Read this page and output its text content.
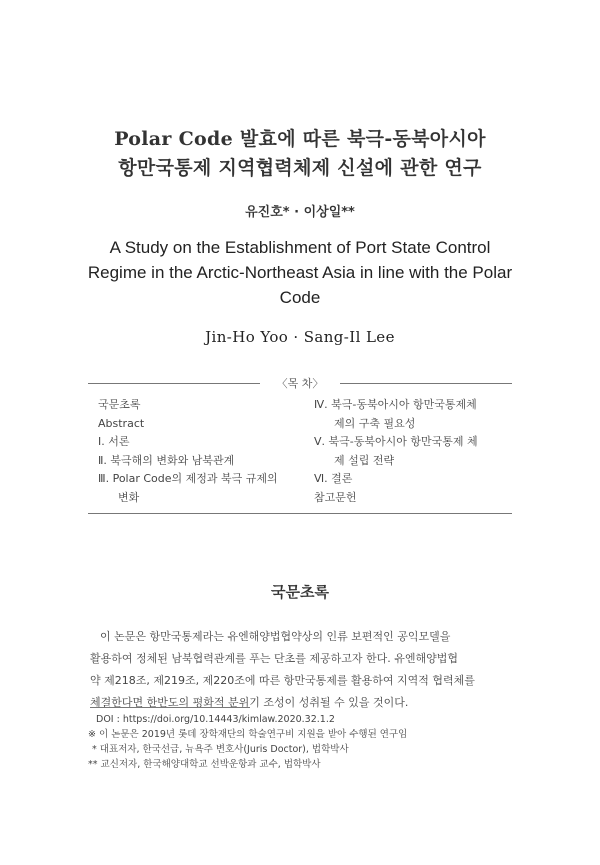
Polar Code 발효에 따른 북극-동북아시아
항만국통제 지역협력체제 신설에 관한 연구
유진호* · 이상일**
A Study on the Establishment of Port State Control
Regime in the Arctic-Northeast Asia in line with the Polar
Code
Jin-Ho Yoo · Sang-Il Lee
〈목 차〉
국문초록
Abstract
Ⅰ. 서론
Ⅱ. 북극해의 변화와 남북관계
Ⅲ. Polar Code의 제정과 북극 규제의
변화
Ⅳ. 북극-동북아시아 항만국통제체
제의 구축 필요성
Ⅴ. 북극-동북아시아 항만국통제 체
제 설립 전략
Ⅵ. 결론
참고문헌
국문초록
이 논문은 항만국통제라는 유엔해양법협약상의 인류 보편적인 공익모델을
활용하여 정체된 남북협력관계를 푸는 단초를 제공하고자 한다. 유엔해양법협
약 제218조, 제219조, 제220조에 따른 항만국통제를 활용하여 지역적 협력체를
체결한다면 한반도의 평화적 분위기 조성이 성취될 수 있을 것이다.
DOI : https://doi.org/10.14443/kimlaw.2020.32.1.2
※ 이 논문은 2019년 롯데 장학재단의 학술연구비 지원을 받아 수행된 연구임
* 대표저자, 한국선급, 뉴욕주 변호사(Juris Doctor), 법학박사
** 교신저자, 한국해양대학교 선박운항과 교수, 법학박사
